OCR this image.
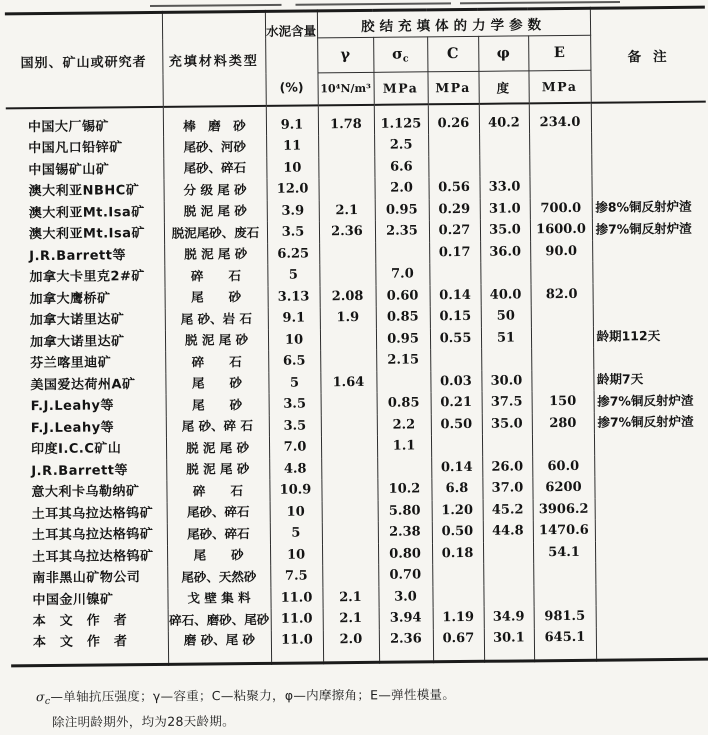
国别、矿山或研究者	充填材料类型	水泥含量
(%)	胶结充填体的力学参数					备注
			γ	$\sigma_c$	C	φ	E	
			10⁴N/m³	MPa	MPa	度	MPa	
中国大厂锡矿	棒　磨　砂	9.1	1.78	1.125	0.26	40.2	234.0	
中国凡口铅锌矿	尾砂、河砂	11		2.5				
中国锡矿山矿	尾砂、碎石	10		6.6				
澳大利亚NBHC矿	分 级 尾 砂	12.0		2.0	0.56	33.0		
澳大利亚Mt.Isa矿	脱 泥 尾 砂	3.9	2.1	0.95	0.29	31.0	700.0	掺8%铜反射炉渣
澳大利亚Mt.Isa矿	脱泥尾砂、废石	3.5	2.36	2.35	0.27	35.0	1600.0	掺7%铜反射炉渣
J.R.Barrett等	脱 泥 尾 砂	6.25			0.17	36.0	90.0	
加拿大卡里克2#矿	碎　　石	5		7.0				
加拿大鹰桥矿	尾　　砂	3.13	2.08	0.60	0.14	40.0	82.0	
加拿大诺里达矿	尾 砂、岩 石	9.1	1.9	0.85	0.15	50		
加拿大诺里达矿	脱 泥 尾 砂	10		0.95	0.55	51		龄期112天
芬兰喀里迪矿	碎　　石	6.5		2.15				
美国爱达荷州A矿	尾　　砂	5	1.64		0.03	30.0		龄期7天
F.J.Leahy等	尾　　砂	3.5		0.85	0.21	37.5	150	掺7%铜反射炉渣
F.J.Leahy等	尾 砂、碎 石	3.5		2.2	0.50	35.0	280	掺7%铜反射炉渣
印度I.C.C矿山	脱 泥 尾 砂	7.0		1.1				
J.R.Barrett等	脱 泥 尾 砂	4.8			0.14	26.0	60.0	
意大利卡乌勒纳矿	碎　　石	10.9		10.2	6.8	37.0	6200	
土耳其乌拉达格钨矿	尾砂、碎石	10		5.80	1.20	45.2	3906.2	
土耳其乌拉达格钨矿	尾砂、碎石	5		2.38	0.50	44.8	1470.6	
土耳其乌拉达格钨矿	尾　　砂	10		0.80	0.18		54.1	
南非黑山矿物公司	尾砂、天然砂	7.5		0.70				
中国金川镍矿	戈 壁 集 料	11.0	2.1	3.0				
本　文　作　者	碎石、磨砂、尾砂	11.0	2.1	3.94	1.19	34.9	981.5	
本　文　作　者	磨 砂、尾 砂	11.0	2.0	2.36	0.67	30.1	645.1	
$\sigma_c—$单轴抗压强度；γ—容重；C—粘聚力，φ—内摩擦角；E—弹性模量。
除注明龄期外，均为28天龄期。
